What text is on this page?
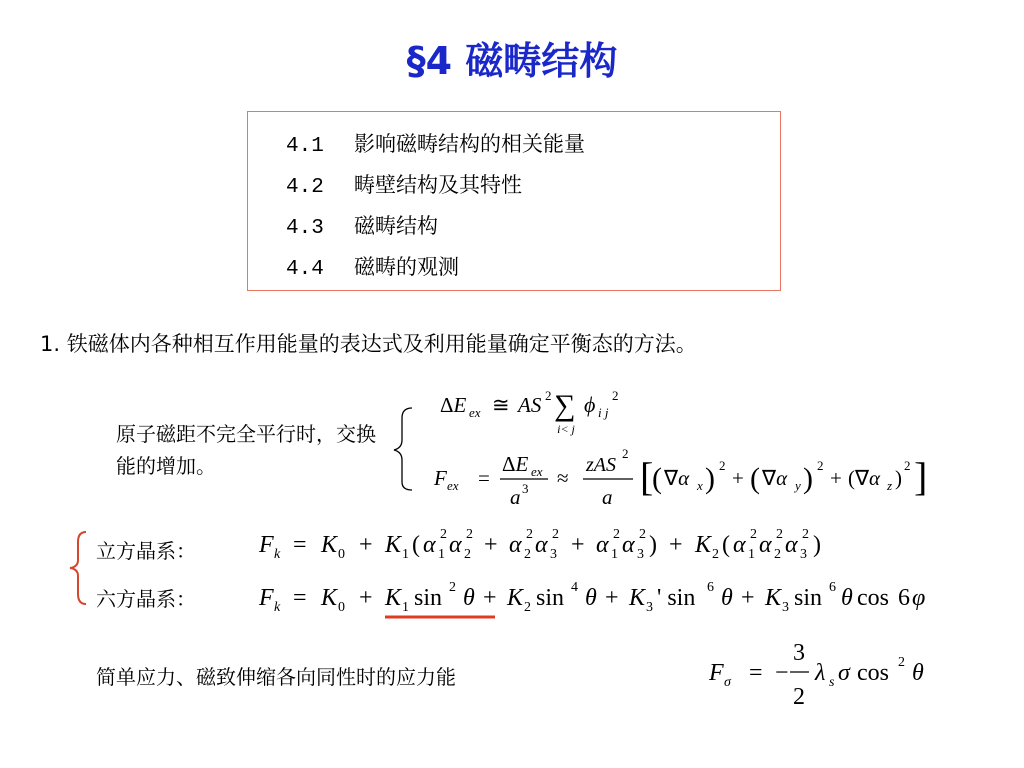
§4 磁畴结构
4.1 影响磁畴结构的相关能量
4.2 畴壁结构及其特性
4.3 磁畴结构
4.4 磁畴的观测
1. 铁磁体内各种相互作用能量的表达式及利用能量确定平衡态的方法。
原子磁距不完全平行时，交换能的增加。
ΔE ex ≅ AS 2 ∑
i< j
ϕ i j
2
F ex =
ΔE ex
a 3 ≈
zAS
2
a [
( ∇α x ) 2
+ ( ∇α y ) 2
+ (∇α z )
2 ]
立方晶系：
六方晶系：
F k = K 0 + K 1 ( α 1
2 α 2
2 + α 2
2 α 3
2 + α 1
2 α 3
2 ) + K 2 ( α 1
2 α 2
2 α 3
2 )
F k = K 0 + K 1 sin 2 θ + K 2 sin 4 θ + K 3 ' sin 6 θ + K 3 sin 6 θ cos 6 φ
简单应力、磁致伸缩各向同性时的应力能	F σ = −
3
2
λ s σ cos 2 θ
